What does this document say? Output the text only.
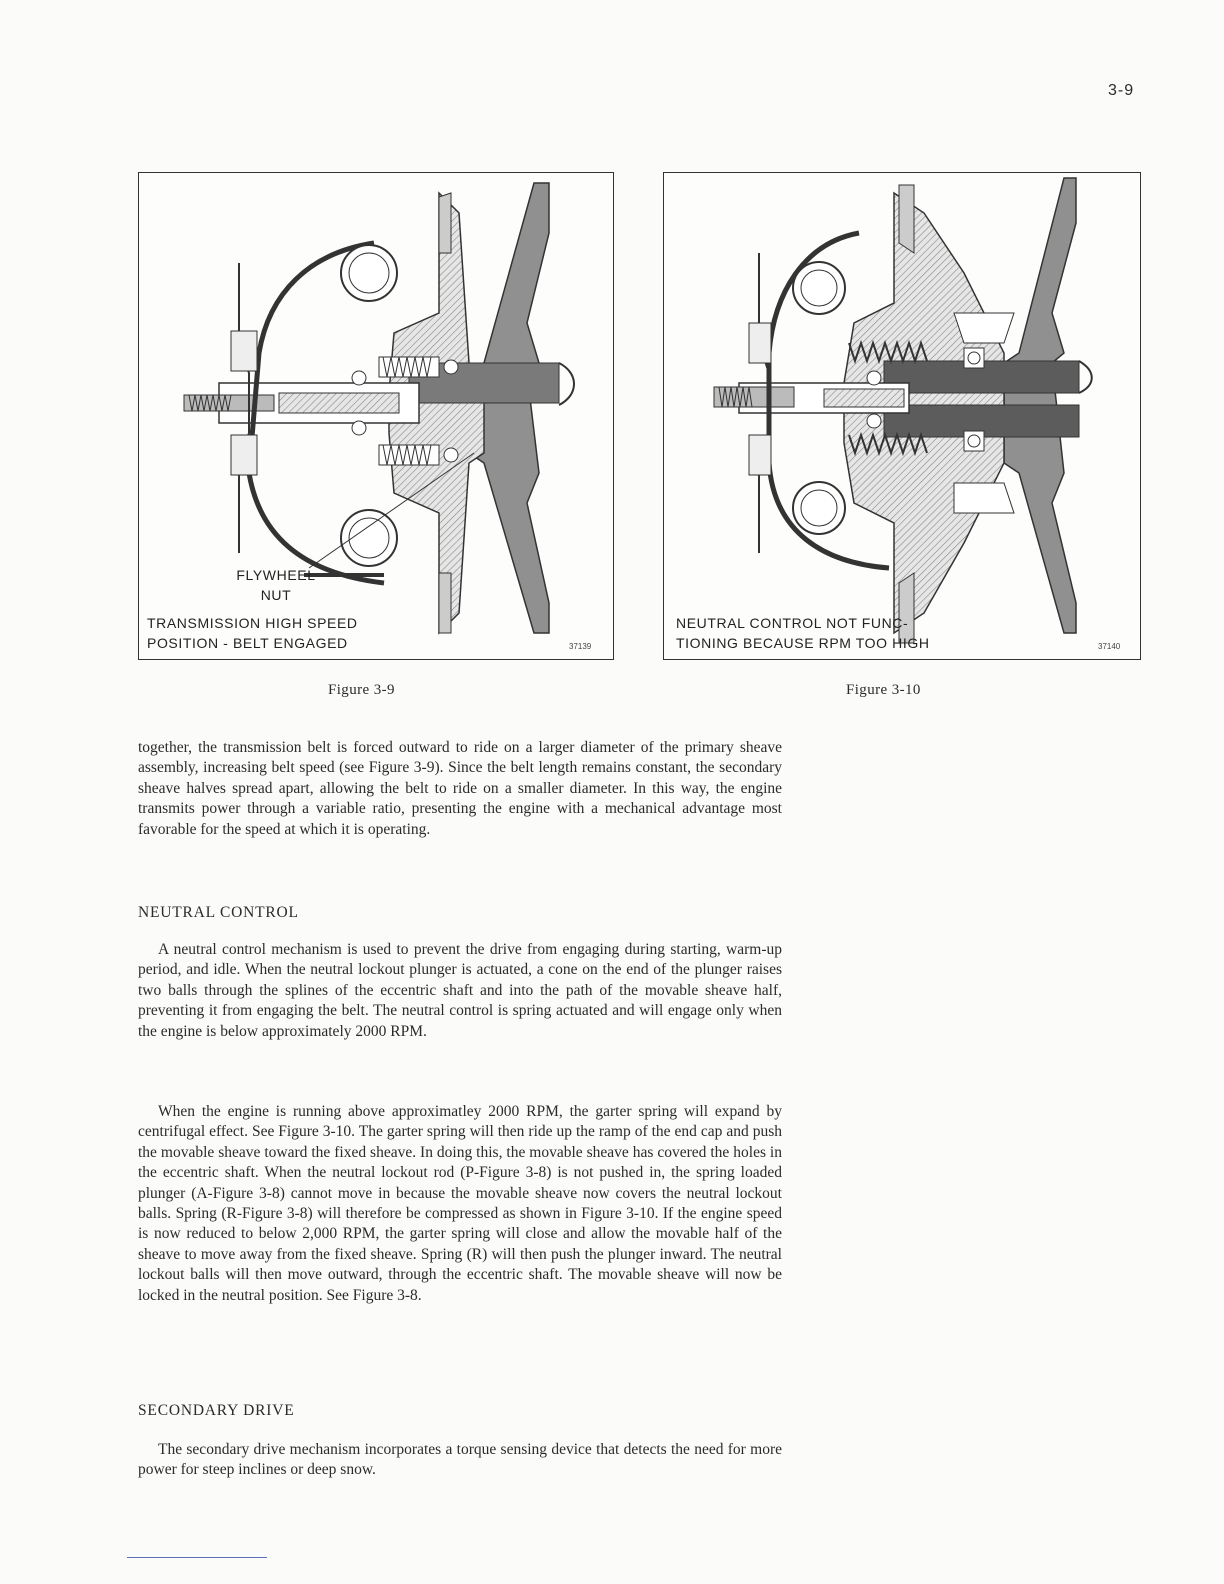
3-9
FLYWHEEL
NUT
TRANSMISSION HIGH SPEED
POSITION - BELT ENGAGED	37139
NEUTRAL CONTROL NOT FUNC-
TIONING BECAUSE RPM TOO HIGH	37140
Figure 3-9	Figure 3-10

together, the transmission belt is forced outward to ride on a larger diameter of the primary sheave assembly, increasing belt speed (see Figure 3-9). Since the belt length remains constant, the secondary sheave halves spread apart, allowing the belt to ride on a smaller diameter. In this way, the engine transmits power through a variable ratio, presenting the engine with a mechanical advantage most favorable for the speed at which it is operating.

NEUTRAL CONTROL

A neutral control mechanism is used to prevent the drive from engaging during starting, warm-up period, and idle. When the neutral lockout plunger is actuated, a cone on the end of the plunger raises two balls through the splines of the eccentric shaft and into the path of the movable sheave half, preventing it from engaging the belt. The neutral control is spring actuated and will engage only when the engine is below approximately 2000 RPM.

When the engine is running above approximatley 2000 RPM, the garter spring will expand by centrifugal effect. See Figure 3-10. The garter spring will then ride up the ramp of the end cap and push the movable sheave toward the fixed sheave. In doing this, the movable sheave has covered the holes in the eccentric shaft. When the neutral lockout rod (P-Figure 3-8) is not pushed in, the spring loaded plunger (A-Figure 3-8) cannot move in because the movable sheave now covers the neutral lockout balls. Spring (R-Figure 3-8) will therefore be compressed as shown in Figure 3-10. If the engine speed is now reduced to below 2,000 RPM, the garter spring will close and allow the movable half of the sheave to move away from the fixed sheave. Spring (R) will then push the plunger inward. The neutral lockout balls will then move outward, through the eccentric shaft. The movable sheave will now be locked in the neutral position. See Figure 3-8.

SECONDARY DRIVE

The secondary drive mechanism incorporates a torque sensing device that detects the need for more power for steep inclines or deep snow.
